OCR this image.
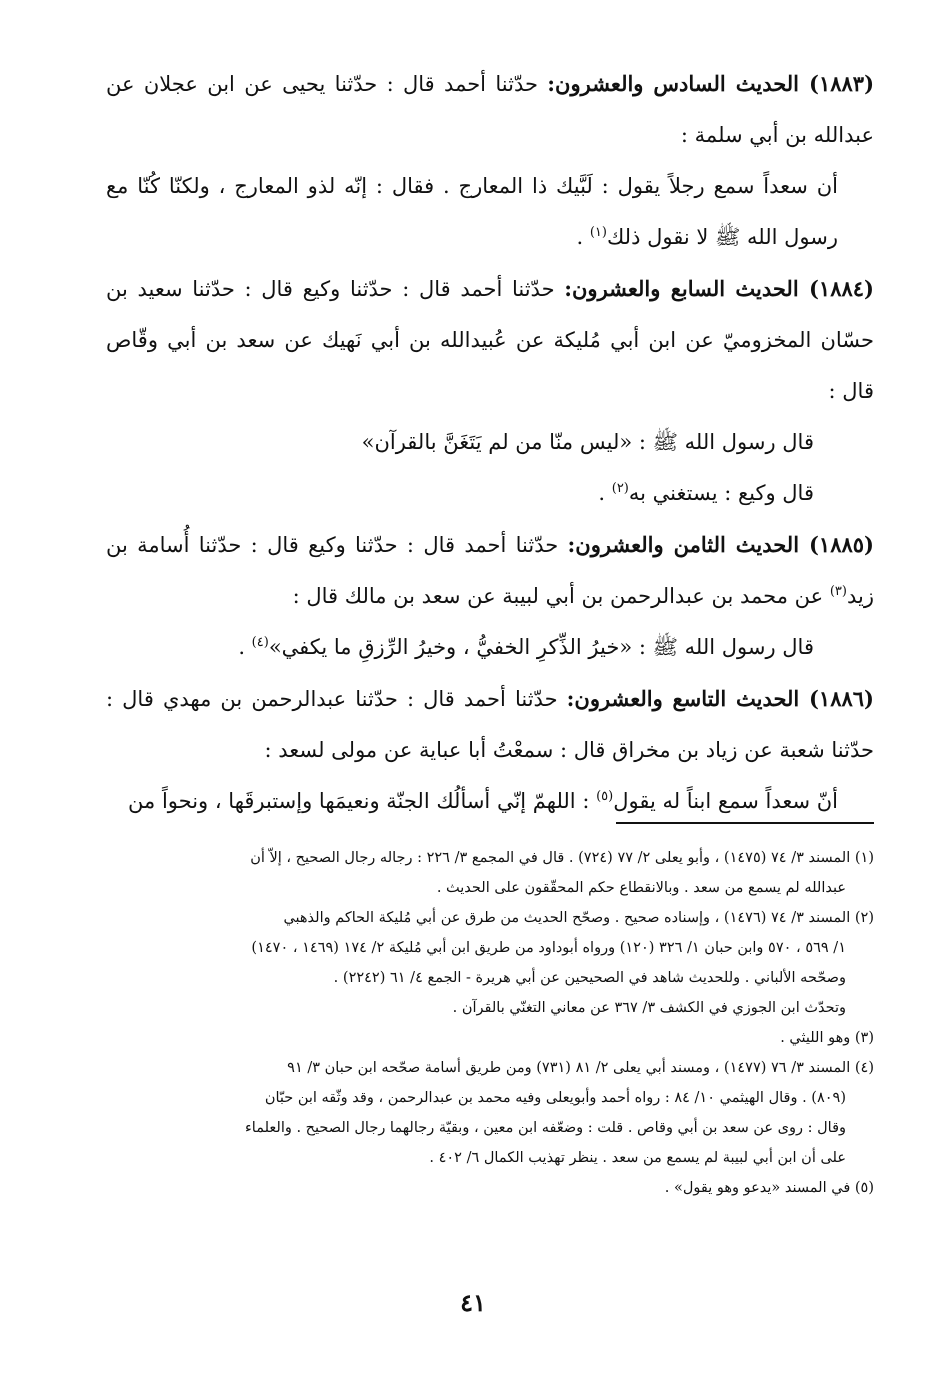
(١٨٨٣) الحديث السادس والعشرون: حدّثنا أحمد قال : حدّثنا يحيى عن ابن عجلان عن عبدالله بن أبي سلمة :

أن سعداً سمع رجلاً يقول : لَبَّيك ذا المعارج . فقال : إنّه لذو المعارج ، ولكنّا كُنّا مع رسول الله ﷺ لا نقول ذلك$^{(١)}$ .

(١٨٨٤) الحديث السابع والعشرون: حدّثنا أحمد قال : حدّثنا وكيع قال : حدّثنا سعيد بن حسّان المخزوميّ عن ابن أبي مُليكة عن عُبيدالله بن أبي نَهيك عن سعد بن أبي وقّاص قال :

قال رسول الله ﷺ : «ليس منّا من لم يَتَغَنَّ بالقرآن»

قال وكيع : يستغني به$^{(٢)}$ .

(١٨٨٥) الحديث الثامن والعشرون: حدّثنا أحمد قال : حدّثنا وكيع قال : حدّثنا أُسامة بن زيد$^{(٣)}$ عن محمد بن عبدالرحمن بن أبي لبيبة عن سعد بن مالك قال :

قال رسول الله ﷺ : «خيرُ الذِّكرِ الخفيُّ ، وخيرُ الرِّزقِ ما يكفي»$^{(٤)}$ .

(١٨٨٦) الحديث التاسع والعشرون: حدّثنا أحمد قال : حدّثنا عبدالرحمن بن مهدي قال : حدّثنا شعبة عن زياد بن مخراق قال : سمعْتُ أبا عباية عن مولى لسعد :

أنّ سعداً سمع ابناً له يقول$^{(٥)}$ : اللهمّ إنّي أسألُك الجنّة ونعيمَها وإستبرقَها ، ونحواً من

(١) المسند ٣/ ٧٤ (١٤٧٥) ، وأبو يعلى ٢/ ٧٧ (٧٢٤) . قال في المجمع ٣/ ٢٢٦ : رجاله رجال الصحيح ، إلاّ أن

عبدالله لم يسمع من سعد . وبالانقطاع حكم المحقّقون على الحديث .

(٢) المسند ٣/ ٧٤ (١٤٧٦) ، وإسناده صحيح . وصحّح الحديث من طرق عن أبي مُليكة الحاكم والذهبي

١/ ٥٦٩ ، ٥٧٠ وابن حبان ١/ ٣٢٦ (١٢٠) ورواه أبوداود من طريق ابن أبي مُليكة ٢/ ١٧٤ (١٤٦٩ ، ١٤٧٠)

وصحّحه الألباني . وللحديث شاهد في الصحيحين عن أبي هريرة - الجمع ٤/ ٦١ (٢٢٤٢) .

وتحدّث ابن الجوزي في الكشف ٣/ ٣٦٧ عن معاني التغنّي بالقرآن .

(٣) وهو الليثي .

(٤) المسند ٣/ ٧٦ (١٤٧٧) ، ومسند أبي يعلى ٢/ ٨١ (٧٣١) ومن طريق أسامة صحّحه ابن حبان ٣/ ٩١

(٨٠٩) . وقال الهيثمي ١٠/ ٨٤ : رواه أحمد وأبويعلى وفيه محمد بن عبدالرحمن ، وقد وثّقه ابن حبّان

وقال : روى عن سعد بن أبي وقاص . قلت : وضعّفه ابن معين ، وبقيّة رجالهما رجال الصحيح . والعلماء

على أن ابن أبي لبيبة لم يسمع من سعد . ينظر تهذيب الكمال ٦/ ٤٠٢ .

(٥) في المسند «يدعو وهو يقول» .

٤١
